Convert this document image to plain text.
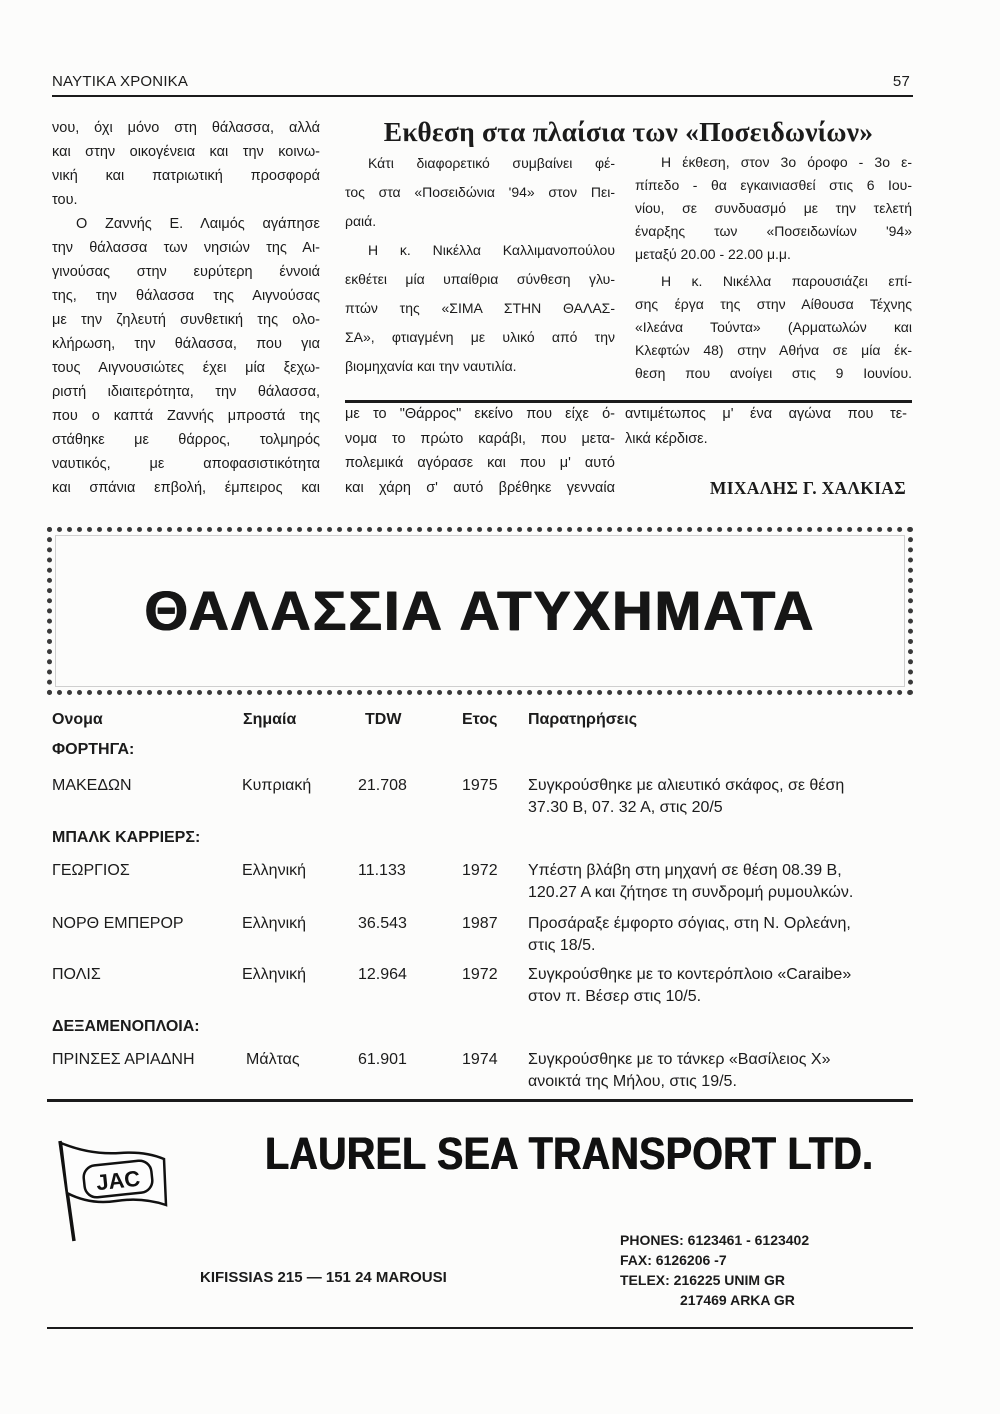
ΝΑΥΤΙΚΑ ΧΡΟΝΙΚΑ	57
νου, όχι μόνο στη θάλασσα, αλλά
και στην οικογένεια και την κοινω-
νική και πατριωτική προσφορά
του.
Ο Ζαννής Ε. Λαιμός αγάπησε
την θάλασσα των νησιών της Αι-
γινούσας στην ευρύτερη έννοιά
της, την θάλασσα της Αιγνούσας
με την ζηλευτή συνθετική της ολο-
κλήρωση, την θάλασσα, που για
τους Αιγνουσιώτες έχει μία ξεχω-
ριστή ιδιαιτερότητα, την θάλασσα,
που ο καπτά Ζαννής μπροστά της
στάθηκε με θάρρος, τολμηρός
ναυτικός, με αποφασιστικότητα
και σπάνια επβολή, έμπειρος και
Εκθεση στα πλαίσια των «Ποσειδωνίων»
Κάτι διαφορετικό συμβαίνει φέ-
τος στα «Ποσειδώνια '94» στον Πει-
ραιά.
Η κ. Νικέλλα Καλλιμανοπούλου
εκθέτει μία υπαίθρια σύνθεση γλυ-
πτών της «ΣΙΜΑ ΣΤΗΝ ΘΑΛΑΣ-
ΣΑ», φτιαγμένη με υλικό από την
βιομηχανία και την ναυτιλία.
Η έκθεση, στον 3ο όροφο - 3ο ε-
πίπεδο - θα εγκαινιασθεί στις 6 Ιου-
νίου, σε συνδυασμό με την τελετή
έναρξης των «Ποσειδωνίων '94»
μεταξύ 20.00 - 22.00 μ.μ.
Η κ. Νικέλλα παρουσιάζει επί-
σης έργα της στην Αίθουσα Τέχνης
«Ιλεάνα Τούντα» (Αρματωλών και
Κλεφτών 48) στην Αθήνα σε μία έκ-
θεση που ανοίγει στις 9 Ιουνίου.
με το "Θάρρος" εκείνο που είχε ό-
νομα το πρώτο καράβι, που μετα-
πολεμικά αγόρασε και που μ' αυτό
και χάρη σ' αυτό βρέθηκε γενναία
αντιμέτωπος μ' ένα αγώνα που τε-
λικά κέρδισε.
ΜΙΧΑΛΗΣ Γ. ΧΑΛΚΙΑΣ
ΘΑΛΑΣΣΙΑ ΑΤΥΧΗΜΑΤΑ
Ονομα	Σημαία	TDW	Ετος Παρατηρήσεις
ΦΟΡΤΗΓΑ:
ΜΑΚΕΔΩΝ	Κυπριακή	21.708	1975 Συγκρούσθηκε με αλιευτικό σκάφος, σε θέση
37.30 Β, 07. 32 Α, στις 20/5
ΜΠΑΛΚ ΚΑΡΡΙΕΡΣ:
ΓΕΩΡΓΙΟΣ	Ελληνική	11.133	1972 Υπέστη βλάβη στη μηχανή σε θέση 08.39 Β,
120.27 Α και ζήτησε τη συνδρομή ρυμουλκών.
ΝΟΡΘ ΕΜΠΕΡΟΡ	Ελληνική	36.543	1987 Προσάραξε έμφορτο σόγιας, στη Ν. Ορλεάνη,
στις 18/5.
ΠΟΛΙΣ	Ελληνική	12.964	1972 Συγκρούσθηκε με το κοντερόπλοιο «Caraibe»
στον π. Βέσερ στις 10/5.
ΔΕΞΑΜΕΝΟΠΛΟΙΑ:
ΠΡΙΝΣΕΣ ΑΡΙΑΔΝΗ	Μάλτας	61.901	1974 Συγκρούσθηκε με το τάνκερ «Βασίλειος Χ»
ανοικτά της Μήλου, στις 19/5.
JAC
LAUREL SEA TRANSPORT LTD.
KIFISSIAS 215 — 151 24 MAROUSI
PHONES: 6123461 - 6123402
FAX: 6126206 -7
TELEX: 216225 UNIM GR
217469 ARKA GR
